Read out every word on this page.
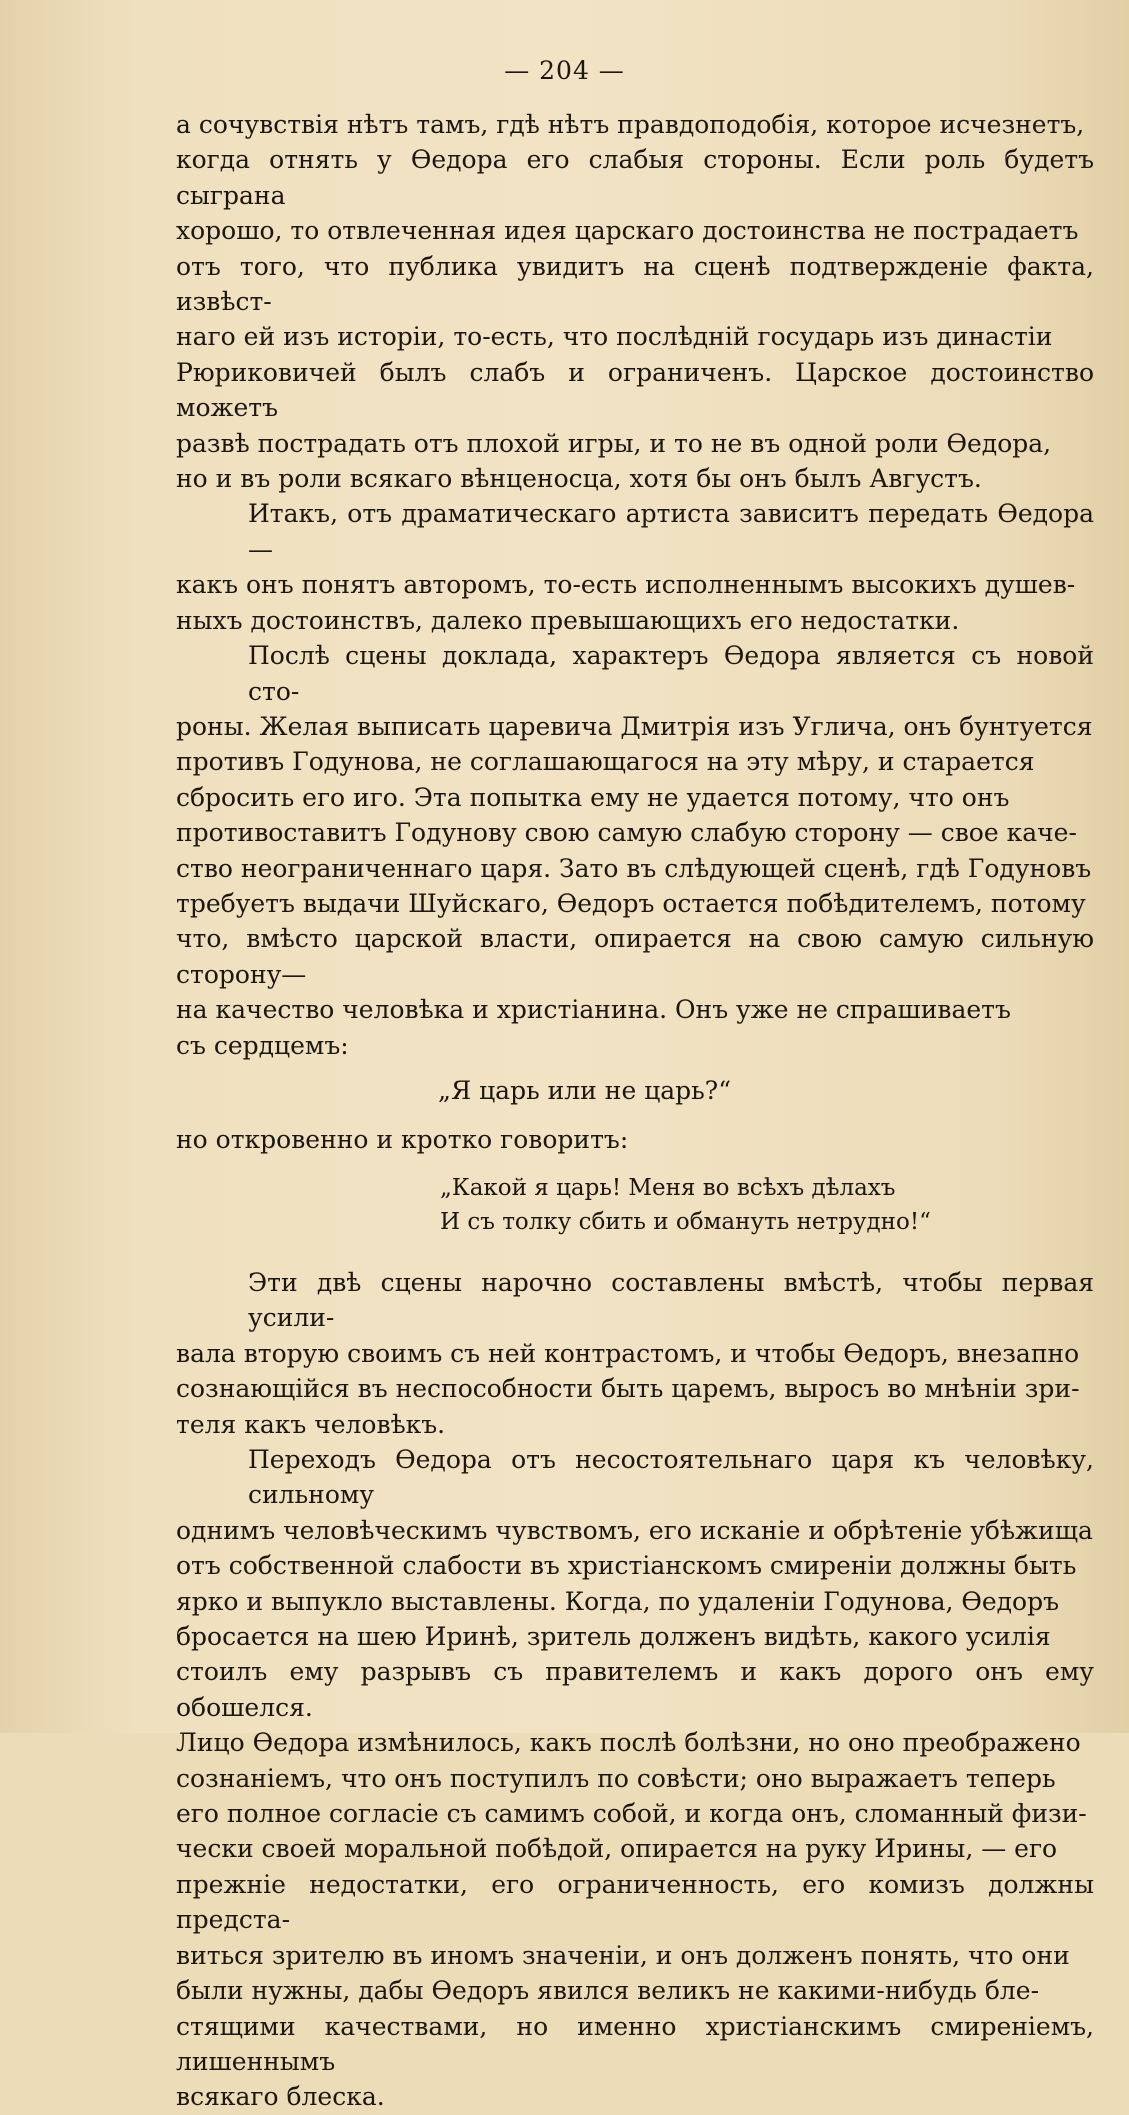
— 204 —

а сочувствія нѣтъ тамъ, гдѣ нѣтъ правдоподобія, которое исчезнетъ,
когда отнять у Ѳедора его слабыя стороны. Если роль будетъ сыграна
хорошо, то отвлеченная идея царскаго достоинства не пострадаетъ
отъ того, что публика увидитъ на сценѣ подтвержденіе факта, извѣст-
наго ей изъ исторіи, то-есть, что послѣдній государь изъ династіи
Рюриковичей былъ слабъ и ограниченъ. Царское достоинство можетъ
развѣ пострадать отъ плохой игры, и то не въ одной роли Ѳедора,
но и въ роли всякаго вѣнценосца, хотя бы онъ былъ Августъ.

Итакъ, отъ драматическаго артиста зависитъ передать Ѳедора —
какъ онъ понятъ авторомъ, то-есть исполненнымъ высокихъ душев-
ныхъ достоинствъ, далеко превышающихъ его недостатки.

Послѣ сцены доклада, характеръ Ѳедора является съ новой сто-
роны. Желая выписать царевича Дмитрія изъ Углича, онъ бунтуется
противъ Годунова, не соглашающагося на эту мѣру, и старается
сбросить его иго. Эта попытка ему не удается потому, что онъ
противоставитъ Годунову свою самую слабую сторону — свое каче-
ство неограниченнаго царя. Зато въ слѣдующей сценѣ, гдѣ Годуновъ
требуетъ выдачи Шуйскаго, Ѳедоръ остается побѣдителемъ, потому
что, вмѣсто царской власти, опирается на свою самую сильную сторону—
на качество человѣка и христіанина. Онъ уже не спрашиваетъ
съ сердцемъ:

„Я царь или не царь?“
но откровенно и кротко говоритъ:
„Какой я царь! Меня во всѣхъ дѣлахъ
И съ толку сбить и обмануть нетрудно!“

Эти двѣ сцены нарочно составлены вмѣстѣ, чтобы первая усили-
вала вторую своимъ съ ней контрастомъ, и чтобы Ѳедоръ, внезапно
сознающійся въ неспособности быть царемъ, выросъ во мнѣніи зри-
теля какъ человѣкъ.

Переходъ Ѳедора отъ несостоятельнаго царя къ человѣку, сильному
однимъ человѣческимъ чувствомъ, его исканіе и обрѣтеніе убѣжища
отъ собственной слабости въ христіанскомъ смиреніи должны быть
ярко и выпукло выставлены. Когда, по удаленіи Годунова, Ѳедоръ
бросается на шею Иринѣ, зритель долженъ видѣть, какого усилія
стоилъ ему разрывъ съ правителемъ и какъ дорого онъ ему обошелся.
Лицо Ѳедора измѣнилось, какъ послѣ болѣзни, но оно преображено
сознаніемъ, что онъ поступилъ по совѣсти; оно выражаетъ теперь
его полное согласіе съ самимъ собой, и когда онъ, сломанный физи-
чески своей моральной побѣдой, опирается на руку Ирины, — его
прежніе недостатки, его ограниченность, его комизъ должны предста-
виться зрителю въ иномъ значеніи, и онъ долженъ понять, что они
были нужны, дабы Ѳедоръ явился великъ не какими-нибудь бле-
стящими качествами, но именно христіанскимъ смиреніемъ, лишеннымъ
всякаго блеска.
